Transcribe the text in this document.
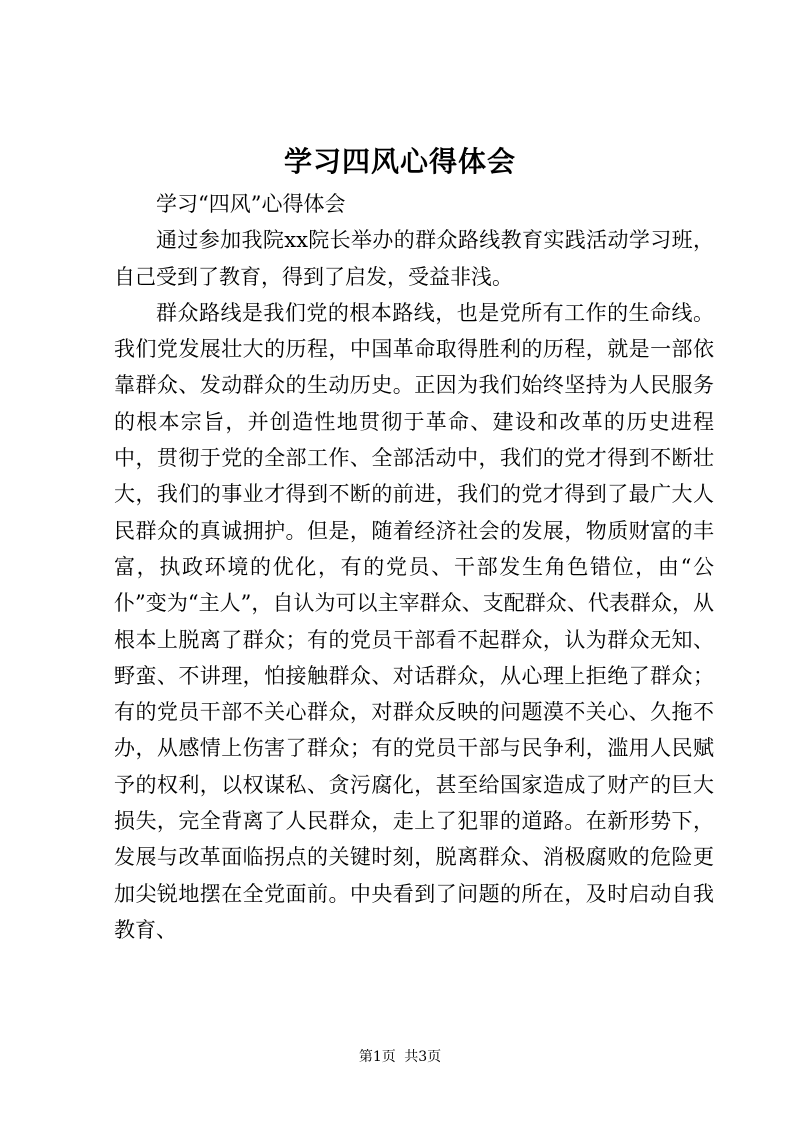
学习四风心得体会

学习“四风”心得体会

通过参加我院xx院长举办的群众路线教育实践活动学习班，自己受到了教育，得到了启发，受益非浅。

群众路线是我们党的根本路线，也是党所有工作的生命线。我们党发展壮大的历程，中国革命取得胜利的历程，就是一部依靠群众、发动群众的生动历史。正因为我们始终坚持为人民服务的根本宗旨，并创造性地贯彻于革命、建设和改革的历史进程中，贯彻于党的全部工作、全部活动中，我们的党才得到不断壮大，我们的事业才得到不断的前进，我们的党才得到了最广大人民群众的真诚拥护。但是，随着经济社会的发展，物质财富的丰富，执政环境的优化，有的党员、干部发生角色错位，由“公仆”变为“主人”，自认为可以主宰群众、支配群众、代表群众，从根本上脱离了群众；有的党员干部看不起群众，认为群众无知、野蛮、不讲理，怕接触群众、对话群众，从心理上拒绝了群众；有的党员干部不关心群众，对群众反映的问题漠不关心、久拖不办，从感情上伤害了群众；有的党员干部与民争利，滥用人民赋予的权利，以权谋私、贪污腐化，甚至给国家造成了财产的巨大损失，完全背离了人民群众，走上了犯罪的道路。在新形势下，发展与改革面临拐点的关键时刻，脱离群众、消极腐败的危险更加尖锐地摆在全党面前。中央看到了问题的所在，及时启动自我教育、

第1页 共3页
